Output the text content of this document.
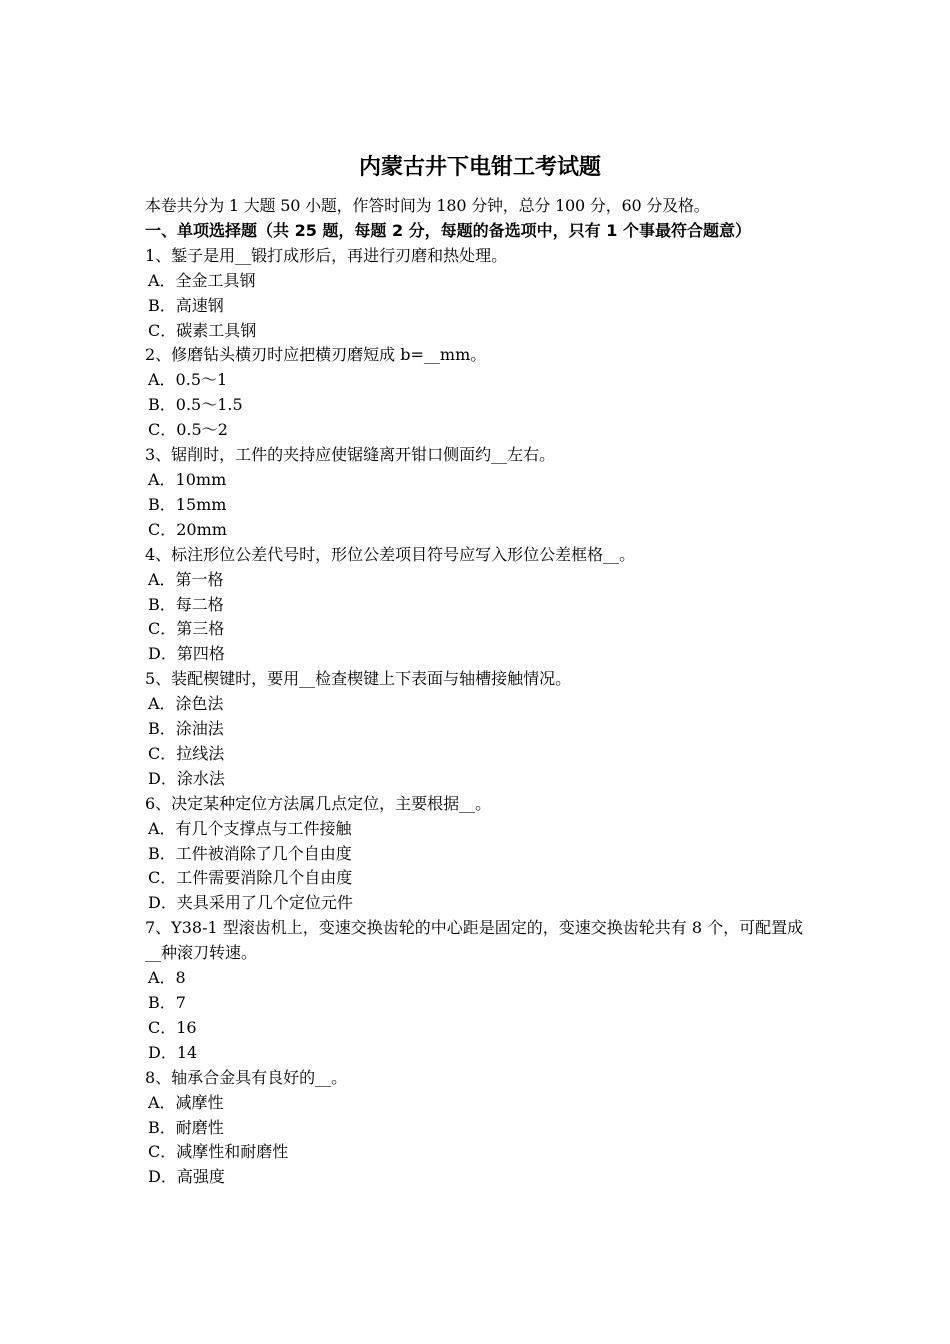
内蒙古井下电钳工考试题
本卷共分为 1 大题 50 小题，作答时间为 180 分钟，总分 100 分，60 分及格。
一、单项选择题（共 25 题，每题 2 分，每题的备选项中，只有 1 个事最符合题意）
1、錾子是用__锻打成形后，再进行刃磨和热处理。
A．全金工具钢
B．高速钢
C．碳素工具钢
2、修磨钻头横刃时应把横刃磨短成 b=__mm。
A．0.5～1
B．0.5～1.5
C．0.5～2
3、锯削时，工件的夹持应使锯缝离开钳口侧面约__左右。
A．10mm
B．15mm
C．20mm
4、标注形位公差代号时，形位公差项目符号应写入形位公差框格__。
A．第一格
B．每二格
C．第三格
D．第四格
5、装配楔键时，要用__检查楔键上下表面与轴槽接触情况。
A．涂色法
B．涂油法
C．拉线法
D．涂水法
6、决定某种定位方法属几点定位，主要根据__。
A．有几个支撑点与工件接触
B．工件被消除了几个自由度
C．工件需要消除几个自由度
D．夹具采用了几个定位元件
7、Y38-1 型滚齿机上，变速交换齿轮的中心距是固定的，变速交换齿轮共有 8 个，可配置成__种滚刀转速。
A．8
B．7
C．16
D．14
8、轴承合金具有良好的__。
A．减摩性
B．耐磨性
C．减摩性和耐磨性
D．高强度
